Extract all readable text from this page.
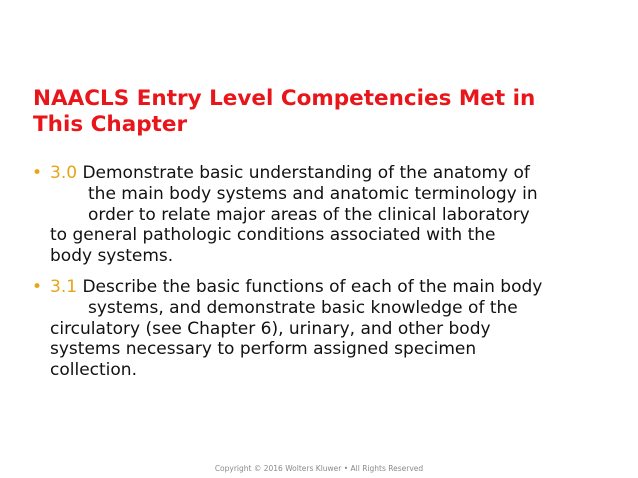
NAACLS Entry Level Competencies Met in
This Chapter
• 3.0 Demonstrate basic understanding of the anatomy of
the main body systems and anatomic terminology in
order to relate major areas of the clinical laboratory
to general pathologic conditions associated with the
body systems.
• 3.1 Describe the basic functions of each of the main body
systems, and demonstrate basic knowledge of the
circulatory (see Chapter 6), urinary, and other body
systems necessary to perform assigned specimen
collection.
Copyright © 2016 Wolters Kluwer • All Rights Reserved
